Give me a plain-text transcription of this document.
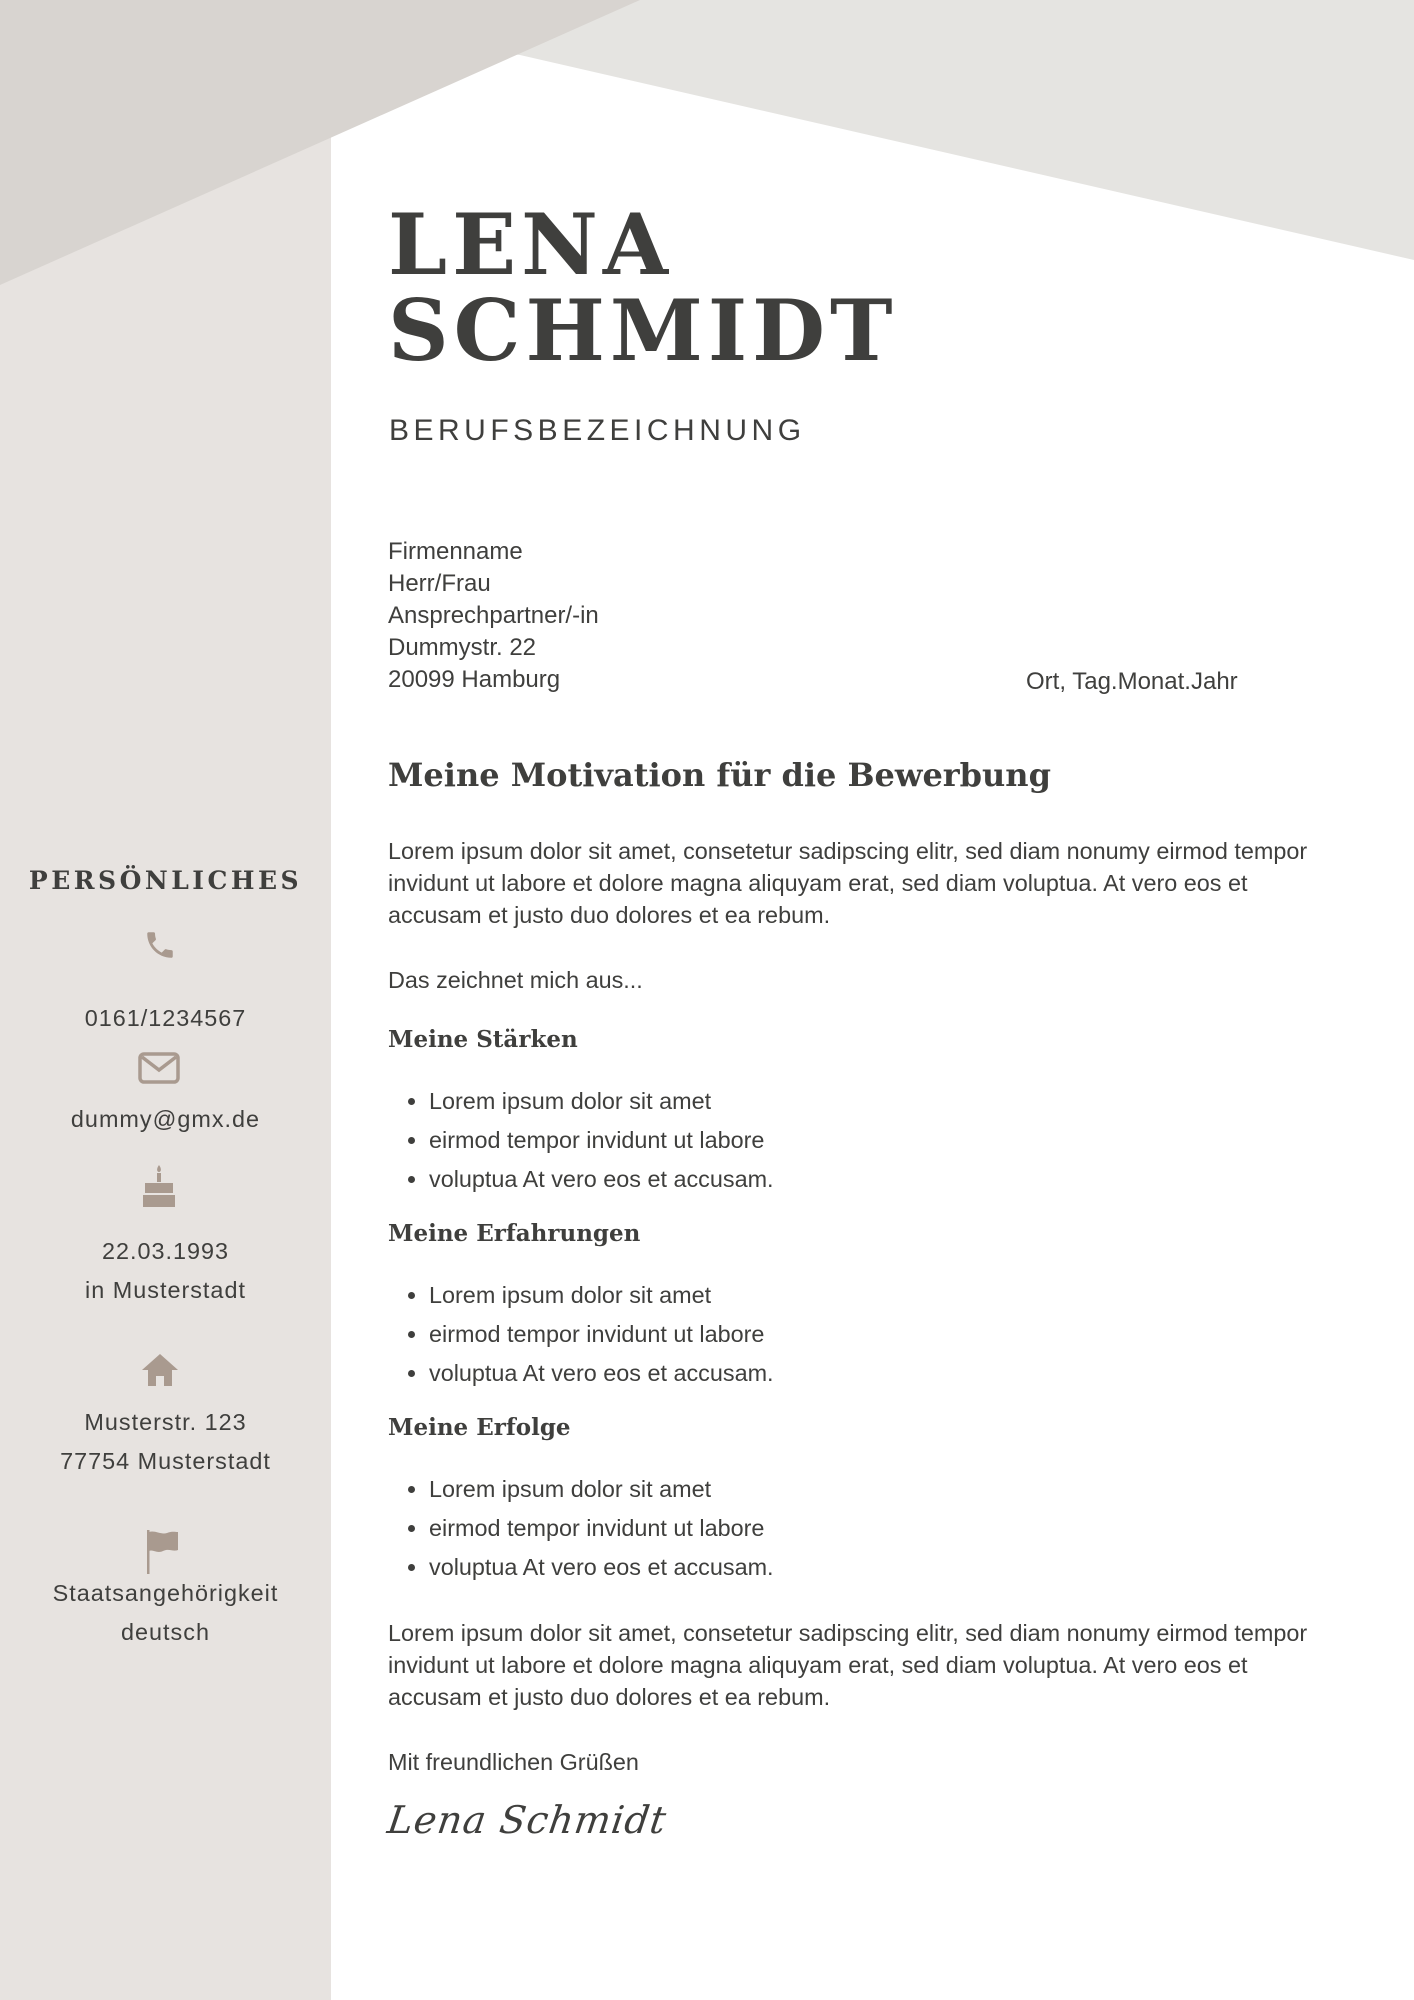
LENA
SCHMIDT
BERUFSBEZEICHNUNG
Firmenname
Herr/Frau
Ansprechpartner/-in
Dummystr. 22
20099 Hamburg	Ort, Tag.Monat.Jahr
Meine Motivation für die Bewerbung

Lorem ipsum dolor sit amet, consetetur sadipscing elitr, sed diam nonumy eirmod tempor invidunt ut labore et dolore magna aliquyam erat, sed diam voluptua. At vero eos et accusam et justo duo dolores et ea rebum.

Das zeichnet mich aus...

Meine Stärken
• Lorem ipsum dolor sit amet
• eirmod tempor invidunt ut labore
• voluptua At vero eos et accusam.
Meine Erfahrungen
• Lorem ipsum dolor sit amet
• eirmod tempor invidunt ut labore
• voluptua At vero eos et accusam.
Meine Erfolge
• Lorem ipsum dolor sit amet
• eirmod tempor invidunt ut labore
• voluptua At vero eos et accusam.

Lorem ipsum dolor sit amet, consetetur sadipscing elitr, sed diam nonumy eirmod tempor invidunt ut labore et dolore magna aliquyam erat, sed diam voluptua. At vero eos et accusam et justo duo dolores et ea rebum.

Mit freundlichen Grüßen

Lena Schmidt
PERSÖNLICHES
0161/1234567
dummy@gmx.de
22.03.1993
in Musterstadt
Musterstr. 123
77754 Musterstadt
Staatsangehörigkeit
deutsch
